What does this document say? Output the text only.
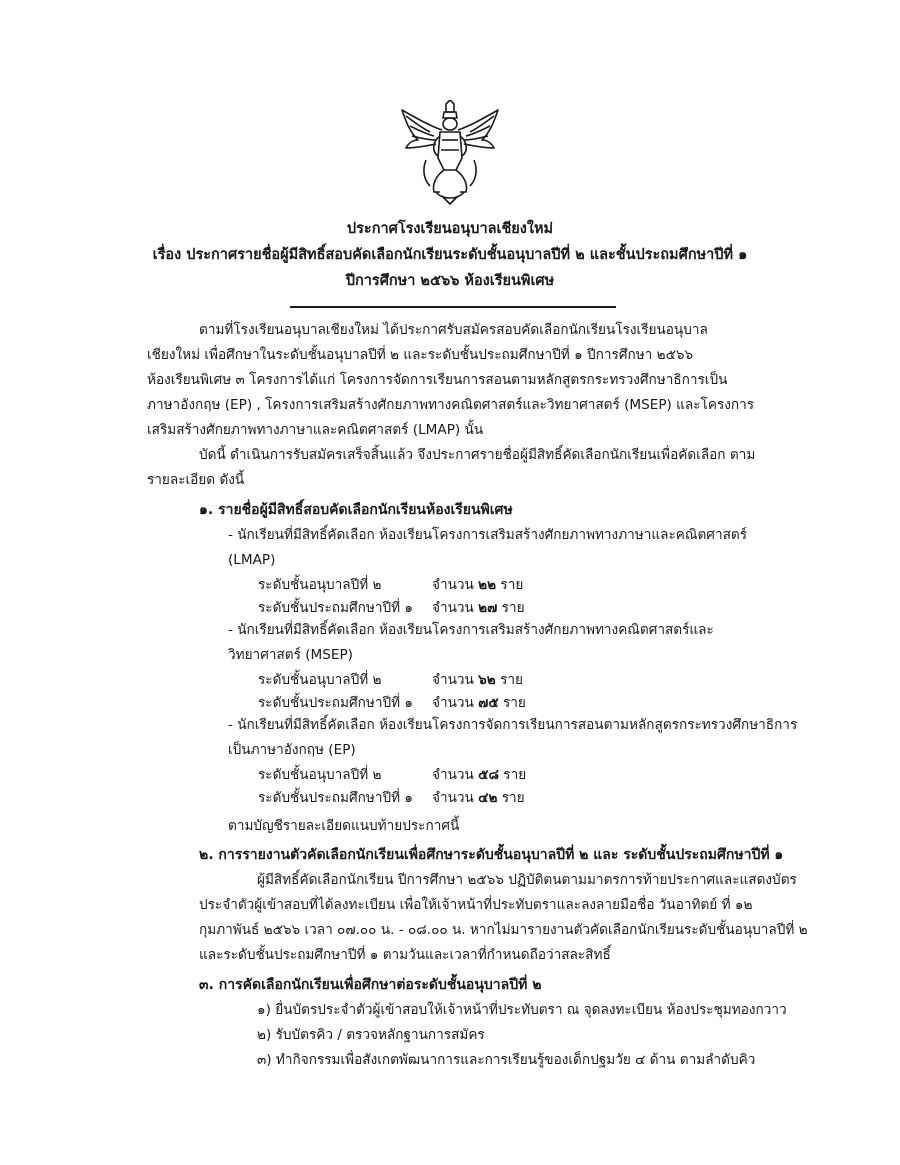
ประกาศโรงเรียนอนุบาลเชียงใหม่
เรื่อง ประกาศรายชื่อผู้มีสิทธิ์สอบคัดเลือกนักเรียนระดับชั้นอนุบาลปีที่ ๒ และชั้นประถมศึกษาปีที่ ๑
ปีการศึกษา ๒๕๖๖ ห้องเรียนพิเศษ
ตามที่โรงเรียนอนุบาลเชียงใหม่ ได้ประกาศรับสมัครสอบคัดเลือกนักเรียนโรงเรียนอนุบาล
เชียงใหม่ เพื่อศึกษาในระดับชั้นอนุบาลปีที่ ๒ และระดับชั้นประถมศึกษาปีที่ ๑ ปีการศึกษา ๒๕๖๖
ห้องเรียนพิเศษ ๓ โครงการได้แก่ โครงการจัดการเรียนการสอนตามหลักสูตรกระทรวงศึกษาธิการเป็น
ภาษาอังกฤษ (EP) , โครงการเสริมสร้างศักยภาพทางคณิตศาสตร์และวิทยาศาสตร์ (MSEP) และโครงการ
เสริมสร้างศักยภาพทางภาษาและคณิตศาสตร์ (LMAP) นั้น
บัดนี้ ดำเนินการรับสมัครเสร็จสิ้นแล้ว จึงประกาศรายชื่อผู้มีสิทธิ์คัดเลือกนักเรียนเพื่อคัดเลือก ตาม
รายละเอียด ดังนี้
๑. รายชื่อผู้มีสิทธิ์สอบคัดเลือกนักเรียนห้องเรียนพิเศษ
- นักเรียนที่มีสิทธิ์คัดเลือก ห้องเรียนโครงการเสริมสร้างศักยภาพทางภาษาและคณิตศาสตร์
(LMAP)
ระดับชั้นอนุบาลปีที่ ๒	จำนวน ๒๒ ราย
ระดับชั้นประถมศึกษาปีที่ ๑ จำนวน ๒๗ ราย
- นักเรียนที่มีสิทธิ์คัดเลือก ห้องเรียนโครงการเสริมสร้างศักยภาพทางคณิตศาสตร์และ
วิทยาศาสตร์ (MSEP)
ระดับชั้นอนุบาลปีที่ ๒	จำนวน ๖๒ ราย
ระดับชั้นประถมศึกษาปีที่ ๑ จำนวน ๗๕ ราย
- นักเรียนที่มีสิทธิ์คัดเลือก ห้องเรียนโครงการจัดการเรียนการสอนตามหลักสูตรกระทรวงศึกษาธิการ
เป็นภาษาอังกฤษ (EP)
ระดับชั้นอนุบาลปีที่ ๒	จำนวน ๕๘ ราย
ระดับชั้นประถมศึกษาปีที่ ๑ จำนวน ๔๒ ราย
ตามบัญชีรายละเอียดแนบท้ายประกาศนี้
๒. การรายงานตัวคัดเลือกนักเรียนเพื่อศึกษาระดับชั้นอนุบาลปีที่ ๒ และ ระดับชั้นประถมศึกษาปีที่ ๑
ผู้มีสิทธิ์คัดเลือกนักเรียน ปีการศึกษา ๒๕๖๖ ปฏิบัติตนตามมาตรการท้ายประกาศและแสดงบัตร
ประจำตัวผู้เข้าสอบที่ได้ลงทะเบียน เพื่อให้เจ้าหน้าที่ประทับตราและลงลายมือชื่อ วันอาทิตย์ ที่ ๑๒
กุมภาพันธ์ ๒๕๖๖ เวลา ๐๗.๐๐ น. - ๐๘.๐๐ น. หากไม่มารายงานตัวคัดเลือกนักเรียนระดับชั้นอนุบาลปีที่ ๒
และระดับชั้นประถมศึกษาปีที่ ๑ ตามวันและเวลาที่กำหนดถือว่าสละสิทธิ์
๓. การคัดเลือกนักเรียนเพื่อศึกษาต่อระดับชั้นอนุบาลปีที่ ๒
๑) ยื่นบัตรประจำตัวผู้เข้าสอบให้เจ้าหน้าที่ประทับตรา ณ จุดลงทะเบียน ห้องประชุมทองกวาว
๒) รับบัตรคิว / ตรวจหลักฐานการสมัคร
๓) ทำกิจกรรมเพื่อสังเกตพัฒนาการและการเรียนรู้ของเด็กปฐมวัย ๔ ด้าน ตามลำดับคิว
